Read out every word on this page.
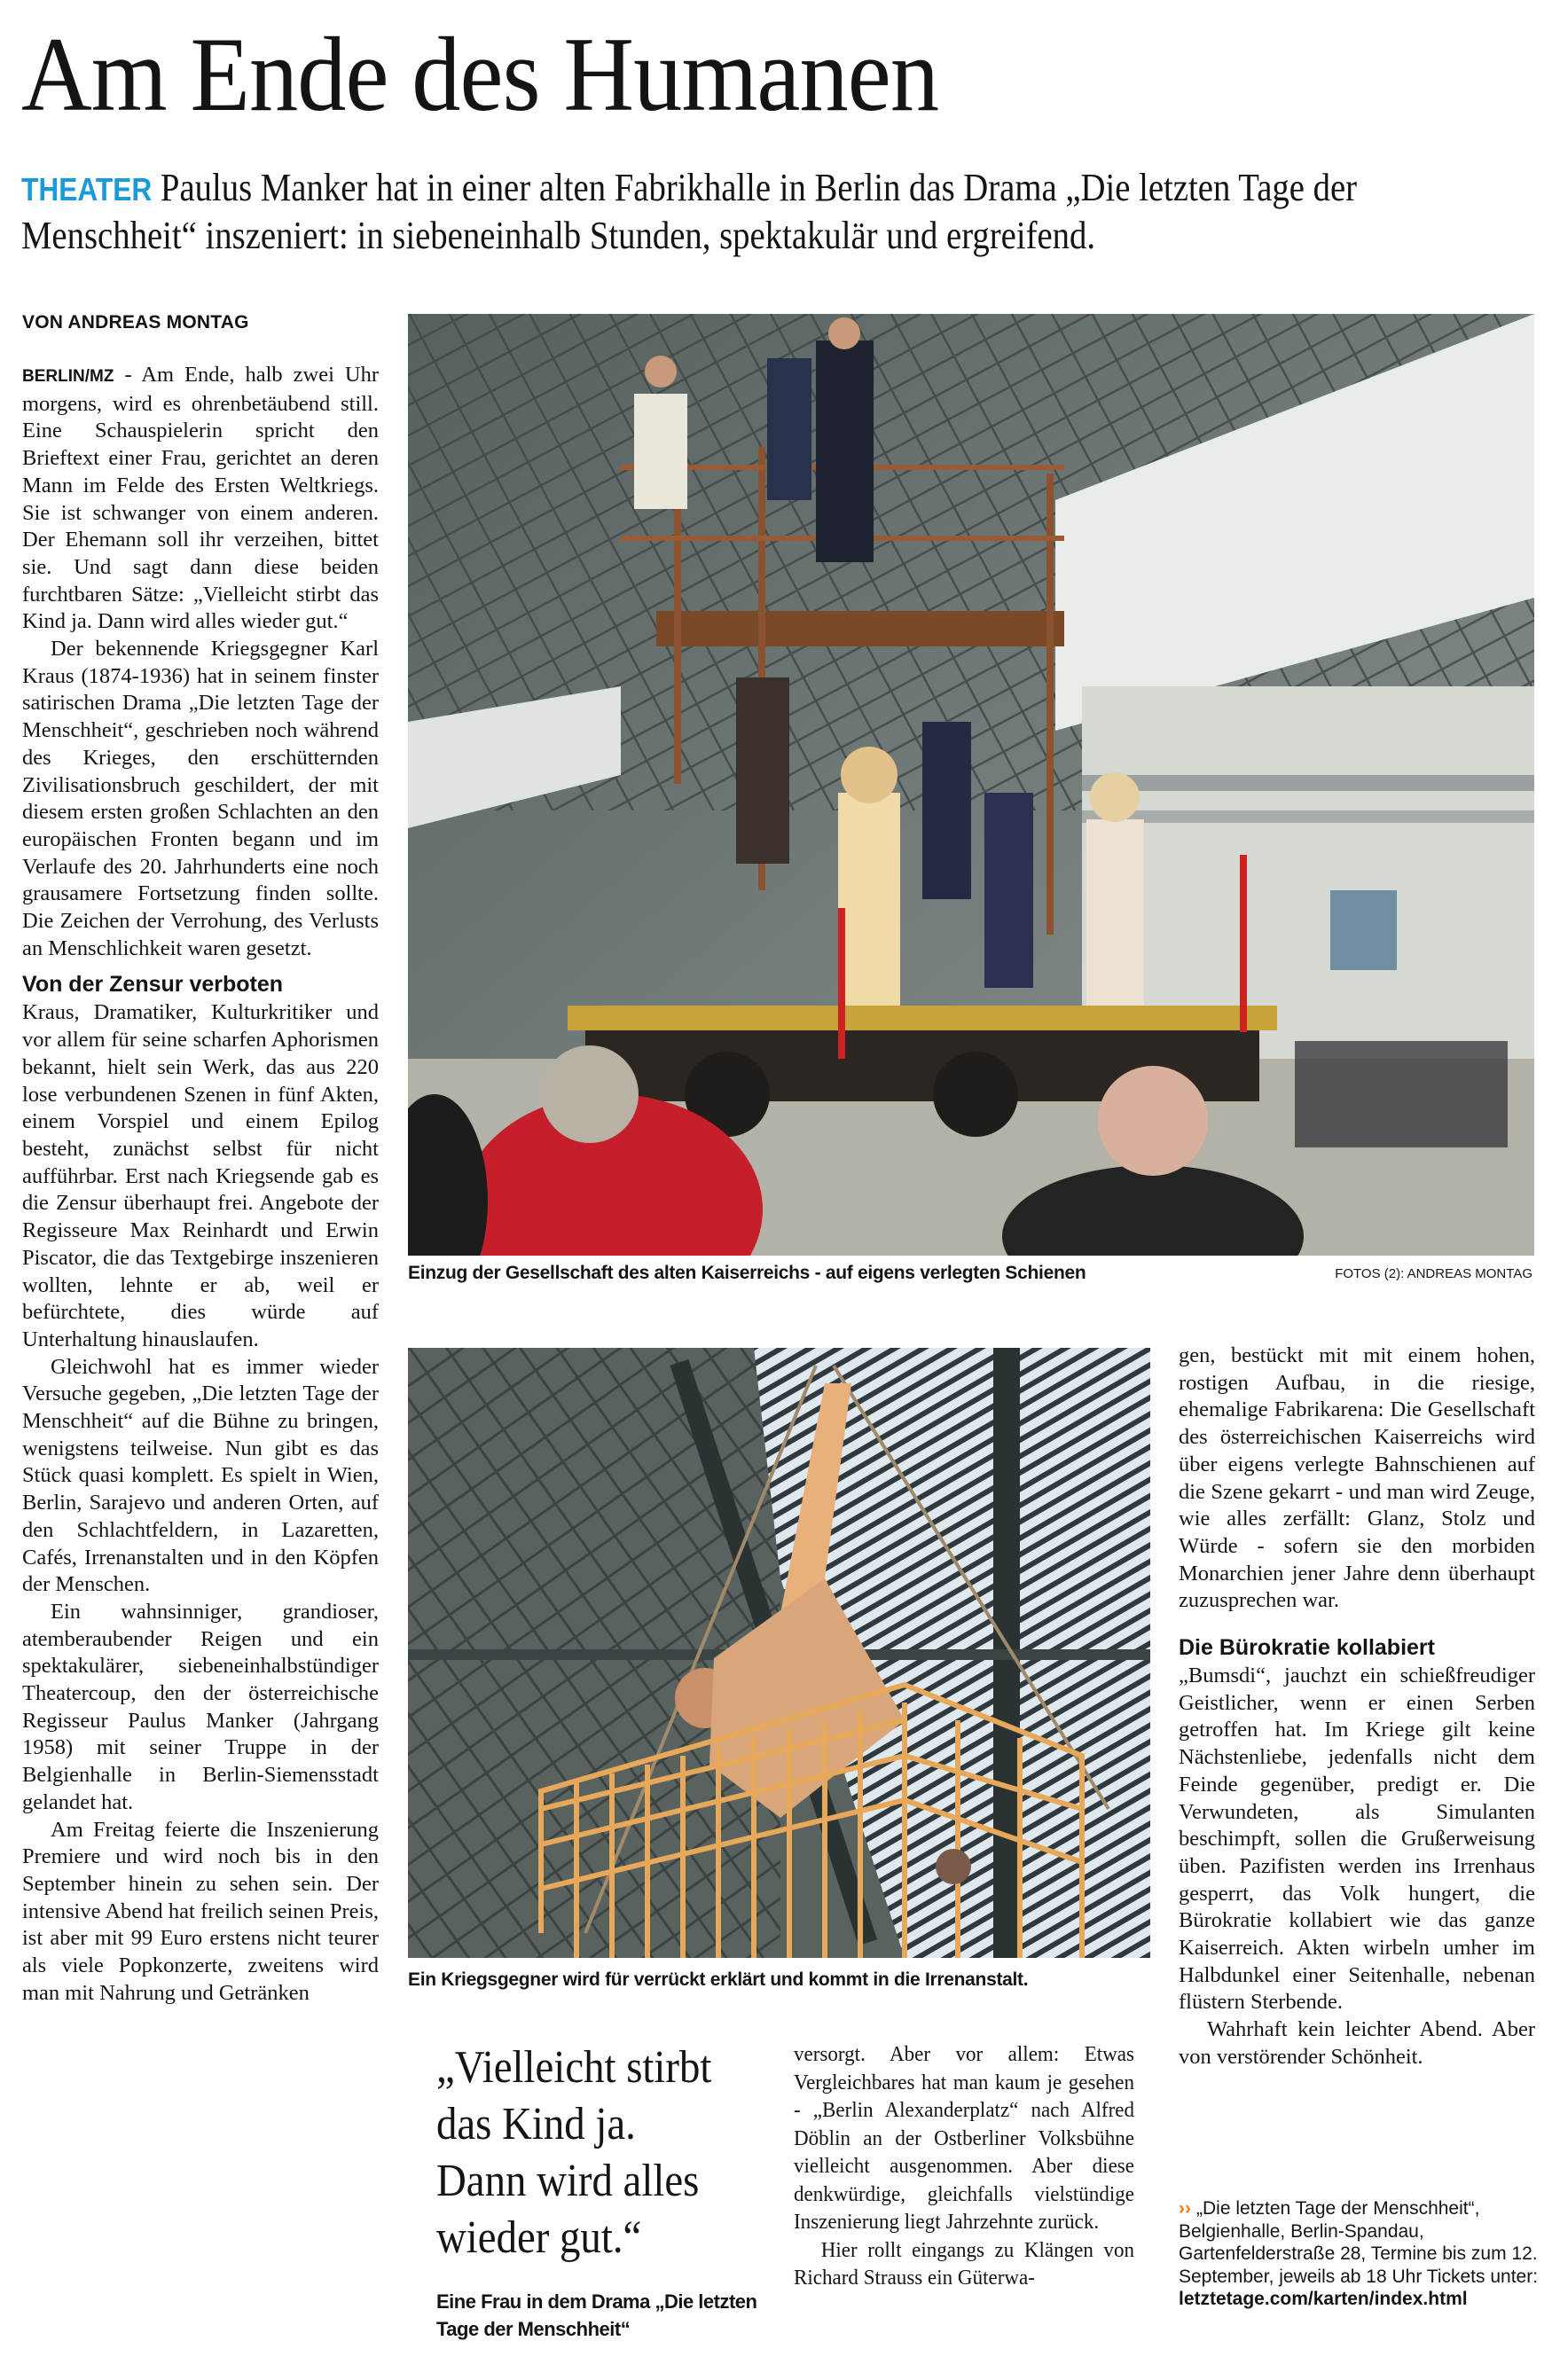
Am Ende des Humanen
THEATER Paulus Manker hat in einer alten Fabrikhalle in Berlin das Drama „Die letzten Tage der Menschheit“ inszeniert: in siebeneinhalb Stunden, spektakulär und ergreifend.
VON ANDREAS MONTAG

BERLIN/MZ - Am Ende, halb zwei Uhr morgens, wird es ohrenbetäubend still. Eine Schauspielerin spricht den Brieftext einer Frau, gerichtet an deren Mann im Felde des Ersten Weltkriegs. Sie ist schwanger von einem anderen. Der Ehemann soll ihr verzeihen, bittet sie. Und sagt dann diese beiden furchtbaren Sätze: „Vielleicht stirbt das Kind ja. Dann wird alles wieder gut.“

Der bekennende Kriegsgegner Karl Kraus (1874-1936) hat in seinem finster satirischen Drama „Die letzten Tage der Menschheit“, geschrieben noch während des Krieges, den erschütternden Zivilisationsbruch geschildert, der mit diesem ersten großen Schlachten an den europäischen Fronten begann und im Verlaufe des 20. Jahrhunderts eine noch grausamere Fortsetzung finden sollte. Die Zeichen der Verrohung, des Verlusts an Menschlichkeit waren gesetzt.

Von der Zensur verboten

Kraus, Dramatiker, Kulturkritiker und vor allem für seine scharfen Aphorismen bekannt, hielt sein Werk, das aus 220 lose verbundenen Szenen in fünf Akten, einem Vorspiel und einem Epilog besteht, zunächst selbst für nicht aufführbar. Erst nach Kriegsende gab es die Zensur überhaupt frei. Angebote der Regisseure Max Reinhardt und Erwin Piscator, die das Textgebirge inszenieren wollten, lehnte er ab, weil er befürchtete, dies würde auf Unterhaltung hinauslaufen.

Gleichwohl hat es immer wieder Versuche gegeben, „Die letzten Tage der Menschheit“ auf die Bühne zu bringen, wenigstens teilweise. Nun gibt es das Stück quasi komplett. Es spielt in Wien, Berlin, Sarajevo und anderen Orten, auf den Schlachtfeldern, in Lazaretten, Cafés, Irrenanstalten und in den Köpfen der Menschen.

Ein wahnsinniger, grandioser, atemberaubender Reigen und ein spektakulärer, siebeneinhalbstündiger Theatercoup, den der österreichische Regisseur Paulus Manker (Jahrgang 1958) mit seiner Truppe in der Belgienhalle in Berlin-Siemensstadt gelandet hat.

Am Freitag feierte die Inszenierung Premiere und wird noch bis in den September hinein zu sehen sein. Der intensive Abend hat freilich seinen Preis, ist aber mit 99 Euro erstens nicht teurer als viele Popkonzerte, zweitens wird man mit Nahrung und Getränken

Einzug der Gesellschaft des alten Kaiserreichs - auf eigens verlegten Schienen	FOTOS (2): ANDREAS MONTAG
Ein Kriegsgegner wird für verrückt erklärt und kommt in die Irrenanstalt.
„Vielleicht stirbt das Kind ja. Dann wird alles wieder gut.“
Eine Frau in dem Drama „Die letzten Tage der Menschheit“

versorgt. Aber vor allem: Etwas Vergleichbares hat man kaum je gesehen - „Berlin Alexanderplatz“ nach Alfred Döblin an der Ostberliner Volksbühne vielleicht ausgenommen. Aber diese denkwürdige, gleichfalls vielstündige Inszenierung liegt Jahrzehnte zurück.

Hier rollt eingangs zu Klängen von Richard Strauss ein Güterwa-

gen, bestückt mit mit einem hohen, rostigen Aufbau, in die riesige, ehemalige Fabrikarena: Die Gesellschaft des österreichischen Kaiserreichs wird über eigens verlegte Bahnschienen auf die Szene gekarrt - und man wird Zeuge, wie alles zerfällt: Glanz, Stolz und Würde - sofern sie den morbiden Monarchien jener Jahre denn überhaupt zuzusprechen war.

Die Bürokratie kollabiert

„Bumsdi“, jauchzt ein schießfreudiger Geistlicher, wenn er einen Serben getroffen hat. Im Kriege gilt keine Nächstenliebe, jedenfalls nicht dem Feinde gegenüber, predigt er. Die Verwundeten, als Simulanten beschimpft, sollen die Grußerweisung üben. Pazifisten werden ins Irrenhaus gesperrt, das Volk hungert, die Bürokratie kollabiert wie das ganze Kaiserreich. Akten wirbeln umher im Halbdunkel einer Seitenhalle, nebenan flüstern Sterbende.

Wahrhaft kein leichter Abend. Aber von verstörender Schönheit.

›› „Die letzten Tage der Menschheit“, Belgienhalle, Berlin-Spandau, Gartenfelderstraße 28, Termine bis zum 12. September, jeweils ab 18 Uhr Tickets unter:
letztetage.com/karten/index.html
